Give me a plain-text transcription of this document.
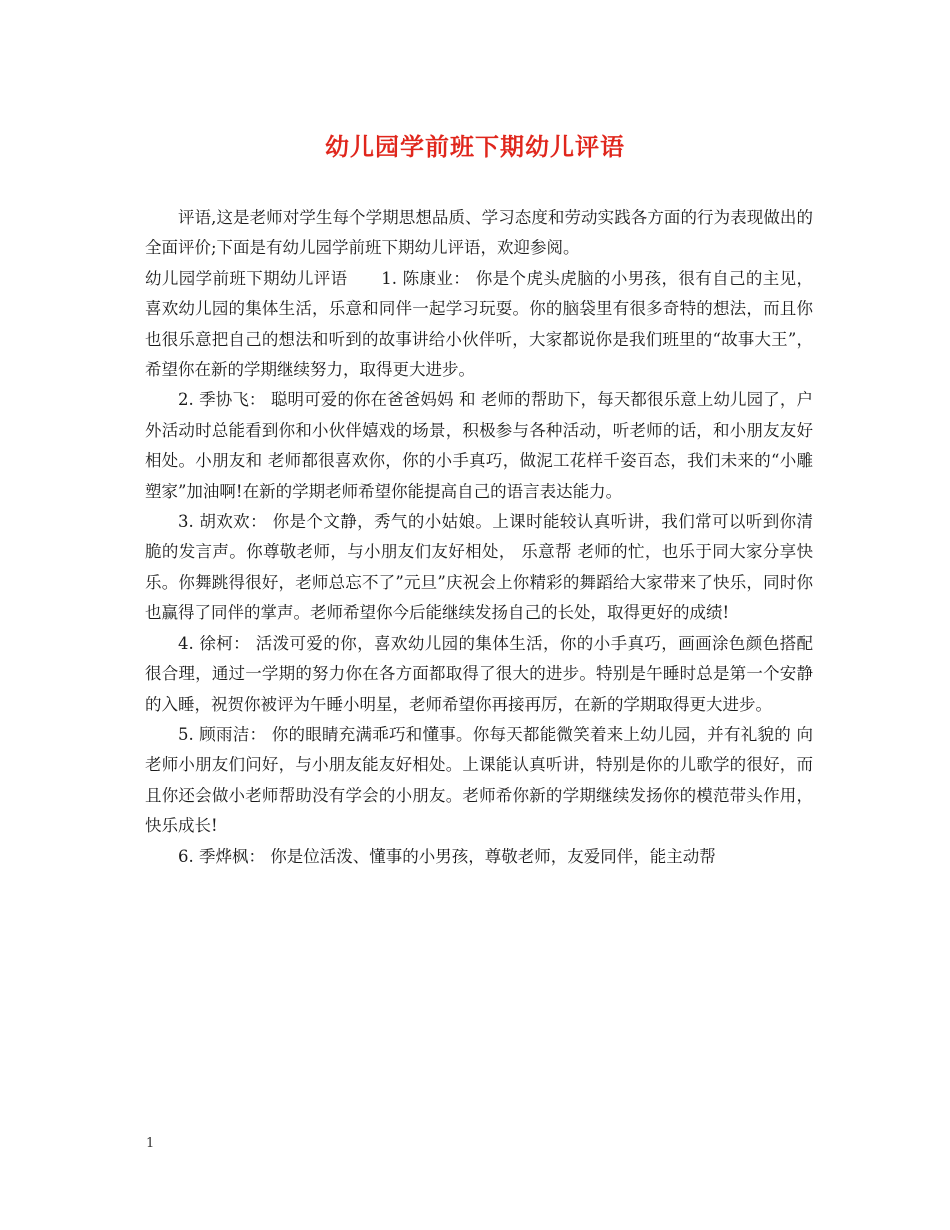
幼儿园学前班下期幼儿评语

评语,这是老师对学生每个学期思想品质、学习态度和劳动实践各方面的行为表现做出的全面评价;下面是有幼儿园学前班下期幼儿评语，欢迎参阅。

幼儿园学前班下期幼儿评语　　1. 陈康业： 你是个虎头虎脑的小男孩，很有自己的主见，喜欢幼儿园的集体生活，乐意和同伴一起学习玩耍。你的脑袋里有很多奇特的想法，而且你也很乐意把自己的想法和听到的故事讲给小伙伴听，大家都说你是我们班里的“故事大王”，希望你在新的学期继续努力，取得更大进步。

2. 季协飞： 聪明可爱的你在爸爸妈妈 和 老师的帮助下，每天都很乐意上幼儿园了，户外活动时总能看到你和小伙伴嬉戏的场景，积极参与各种活动，听老师的话，和小朋友友好相处。小朋友和 老师都很喜欢你，你的小手真巧，做泥工花样千姿百态，我们未来的“小雕塑家”加油啊!在新的学期老师希望你能提高自己的语言表达能力。

3. 胡欢欢： 你是个文静，秀气的小姑娘。上课时能较认真听讲，我们常可以听到你清脆的发言声。你尊敬老师，与小朋友们友好相处， 乐意帮 老师的忙，也乐于同大家分享快乐。你舞跳得很好，老师总忘不了”元旦”庆祝会上你精彩的舞蹈给大家带来了快乐，同时你也赢得了同伴的掌声。老师希望你今后能继续发扬自己的长处，取得更好的成绩!

4. 徐柯： 活泼可爱的你，喜欢幼儿园的集体生活，你的小手真巧，画画涂色颜色搭配很合理，通过一学期的努力你在各方面都取得了很大的进步。特别是午睡时总是第一个安静的入睡，祝贺你被评为午睡小明星，老师希望你再接再厉，在新的学期取得更大进步。

5. 顾雨洁： 你的眼睛充满乖巧和懂事。你每天都能微笑着来上幼儿园，并有礼貌的 向老师小朋友们问好，与小朋友能友好相处。上课能认真听讲，特别是你的儿歌学的很好，而且你还会做小老师帮助没有学会的小朋友。老师希你新的学期继续发扬你的模范带头作用，快乐成长!

6. 季烨枫： 你是位活泼、懂事的小男孩，尊敬老师，友爱同伴，能主动帮

1
